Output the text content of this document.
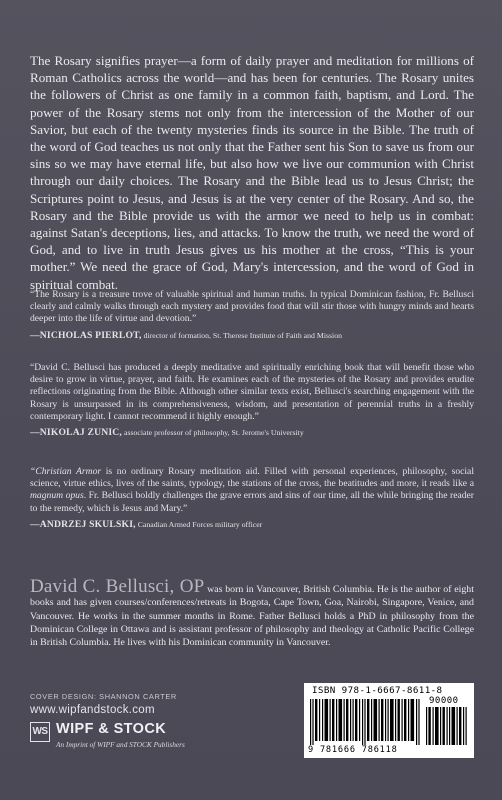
The Rosary signifies prayer—a form of daily prayer and meditation for millions of Roman Catholics across the world—and has been for centuries. The Rosary unites the followers of Christ as one family in a common faith, baptism, and Lord. The power of the Rosary stems not only from the intercession of the Mother of our Savior, but each of the twenty mysteries finds its source in the Bible. The truth of the word of God teaches us not only that the Father sent his Son to save us from our sins so we may have eternal life, but also how we live our communion with Christ through our daily choices. The Rosary and the Bible lead us to Jesus Christ; the Scriptures point to Jesus, and Jesus is at the very center of the Rosary. And so, the Rosary and the Bible provide us with the armor we need to help us in combat: against Satan's deceptions, lies, and attacks. To know the truth, we need the word of God, and to live in truth Jesus gives us his mother at the cross, “This is your mother.” We need the grace of God, Mary's intercession, and the word of God in spiritual combat.

“The Rosary is a treasure trove of valuable spiritual and human truths. In typical Dominican fashion, Fr. Bellusci clearly and calmly walks through each mystery and provides food that will stir those with hungry minds and hearts deeper into the life of virtue and devotion.”
—NICHOLAS PIERLOT, director of formation, St. Therese Institute of Faith and Mission
“David C. Bellusci has produced a deeply meditative and spiritually enriching book that will benefit those who desire to grow in virtue, prayer, and faith. He examines each of the mysteries of the Rosary and provides erudite reflections originating from the Bible. Although other similar texts exist, Bellusci's searching engagement with the Rosary is unsurpassed in its comprehensiveness, wisdom, and presentation of perennial truths in a freshly contemporary light. I cannot recommend it highly enough.”
—NIKOLAJ ZUNIC, associate professor of philosophy, St. Jerome's University
“Christian Armor is no ordinary Rosary meditation aid. Filled with personal experiences, philosophy, social science, virtue ethics, lives of the saints, typology, the stations of the cross, the beatitudes and more, it reads like a magnum opus. Fr. Bellusci boldly challenges the grave errors and sins of our time, all the while bringing the reader to the remedy, which is Jesus and Mary.”
—ANDRZEJ SKULSKI, Canadian Armed Forces military officer

David C. Bellusci, OP was born in Vancouver, British Columbia. He is the author of eight books and has given courses/conferences/retreats in Bogota, Cape Town, Goa, Nairobi, Singapore, Venice, and Vancouver. He works in the summer months in Rome. Father Bellusci holds a PhD in philosophy from the Dominican College in Ottawa and is assistant professor of philosophy and theology at Catholic Pacific College in British Columbia. He lives with his Dominican community in Vancouver.

COVER DESIGN: SHANNON CARTER
www.wipfandstock.com
WS WIPF & STOCK
An Imprint of WIPF and STOCK Publishers
ISBN 978-1-6667-8611-8
90000
9 781666 786118
